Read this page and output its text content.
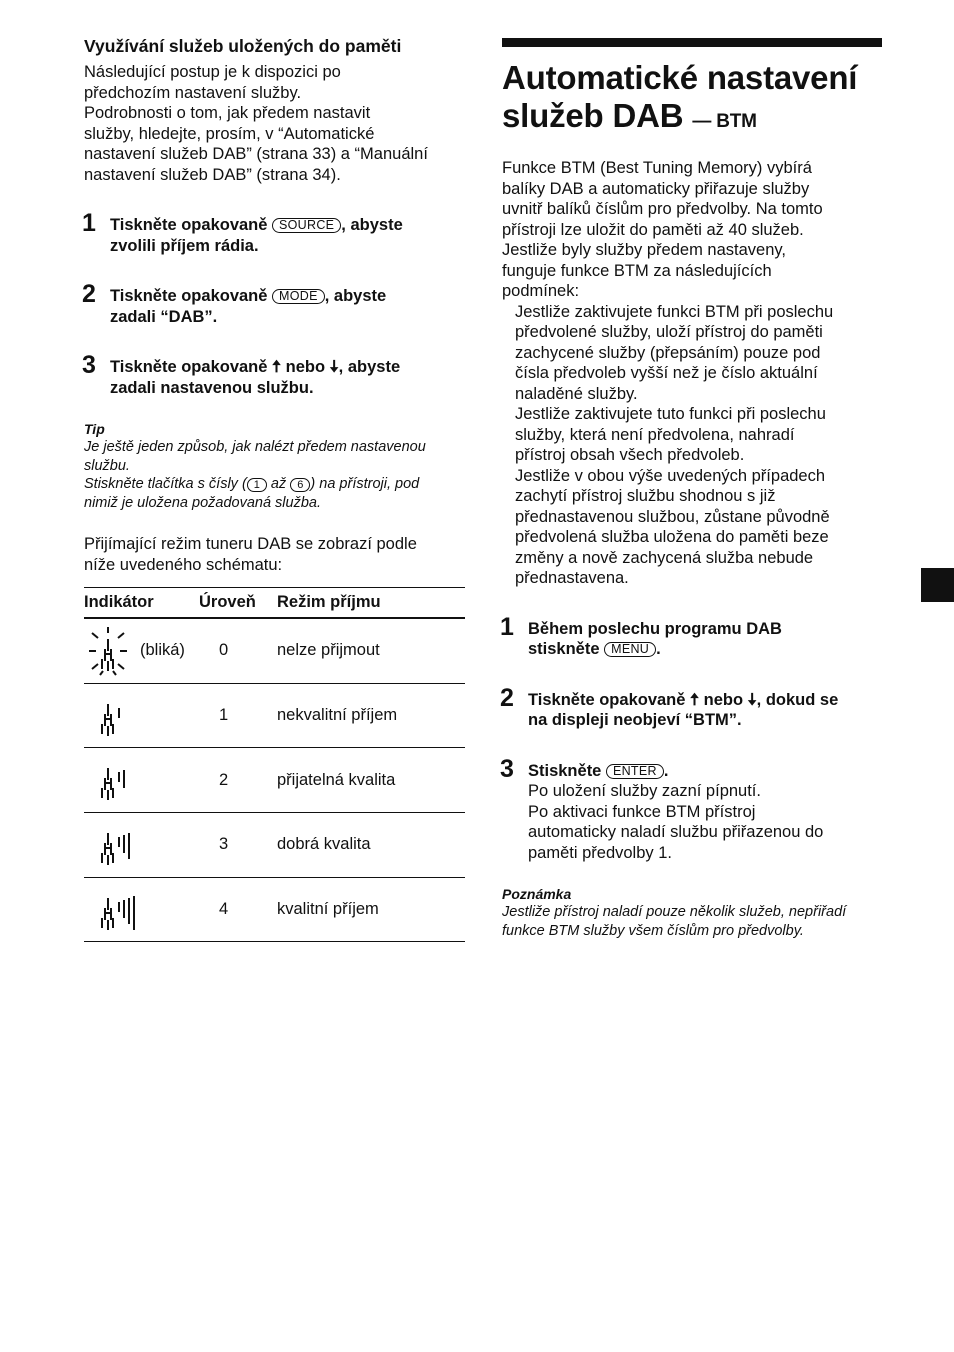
Využívání služeb uložených do paměti
Následující postup je k dispozici po
předchozím nastavení služby.
Podrobnosti o tom, jak předem nastavit
služby, hledejte, prosím, v “Automatické
nastavení služeb DAB” (strana 33) a “Manuální
nastavení služeb DAB” (strana 34).
1 Tiskněte opakovaně SOURCE , abyste
zvolili příjem rádia.
2 Tiskněte opakovaně MODE , abyste
zadali “DAB”.
3 Tiskněte opakovaně 🠅 nebo 🠇, abyste
zadali nastavenou službu.
Tip
Je ještě jeden způsob, jak nalézt předem nastavenou
službu.
Stiskněte tlačítka s čísly ( 1 až 6 ) na přístroji, pod
nimiž je uložena požadovaná služba.
Přijímající režim tuneru DAB se zobrazí podle
níže uvedeného schématu:
Indikátor	Úroveň	Režim příjmu

(bliká)	0	nelze přijmout

	1	nekvalitní příjem

	2	přijatelná kvalita

	3	dobrá kvalita

	4	kvalitní příjem
Automatické nastavení
služeb DAB — BTM
Funkce BTM (Best Tuning Memory) vybírá
balíky DAB a automaticky přiřazuje služby
uvnitř balíků číslům pro předvolby. Na tomto
přístroji lze uložit do paměti až 40 služeb.
Jestliže byly služby předem nastaveny,
funguje funkce BTM za následujících
podmínek:
Jestliže zaktivujete funkci BTM při poslechu
předvolené služby, uloží přístroj do paměti
zachycené služby (přepsáním) pouze pod
čísla předvoleb vyšší než je číslo aktuální
naladěné služby.
Jestliže zaktivujete tuto funkci při poslechu
služby, která není předvolena, nahradí
přístroj obsah všech předvoleb.
Jestliže v obou výše uvedených případech
zachytí přístroj službu shodnou s již
přednastavenou službou, zůstane původně
předvolená služba uložena do paměti beze
změny a nově zachycená služba nebude
přednastavena.
1 Během poslechu programu DAB
stiskněte MENU .
2 Tiskněte opakovaně 🠅 nebo 🠇, dokud se
na displeji neobjeví “BTM”.
3 Stiskněte ENTER .
Po uložení služby zazní pípnutí.
Po aktivaci funkce BTM přístroj
automaticky naladí službu přiřazenou do
paměti předvolby 1.
Poznámka
Jestliže přístroj naladí pouze několik služeb, nepřiřadí
funkce BTM služby všem číslům pro předvolby.
